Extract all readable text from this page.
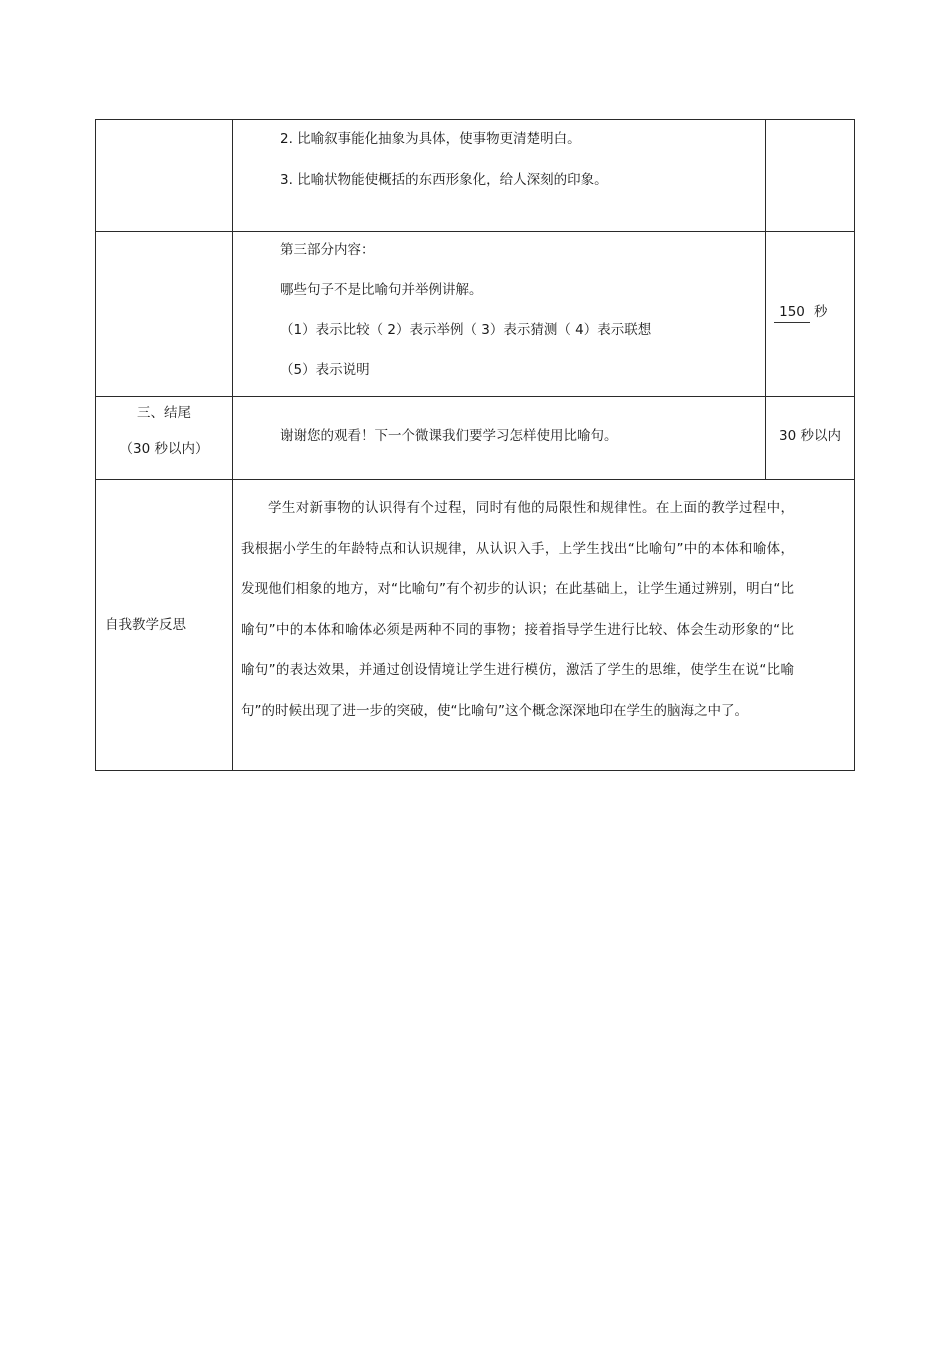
	2. 比喻叙事能化抽象为具体，使事物更清楚明白。
3. 比喻状物能使概括的东西形象化，给人深刻的印象。	

	第三部分内容：
哪些句子不是比喻句并举例讲解。
（1）表示比较（ 2）表示举例（ 3）表示猜测（ 4）表示联想
（5）表示说明	150 秒

三、结尾
（30 秒以内）	谢谢您的观看！下一个微课我们要学习怎样使用比喻句。	30 秒以内

自我教学反思	学生对新事物的认识得有个过程，同时有他的局限性和规律性。在上面的教学过程中，我根据小学生的年龄特点和认识规律，从认识入手，上学生找出“比喻句”中的本体和喻体，发现他们相象的地方，对“比喻句”有个初步的认识；在此基础上，让学生通过辨别，明白“比喻句”中的本体和喻体必须是两种不同的事物；接着指导学生进行比较、体会生动形象的“比喻句”的表达效果，并通过创设情境让学生进行模仿，激活了学生的思维，使学生在说“比喻句”的时候出现了进一步的突破，使“比喻句”这个概念深深地印在学生的脑海之中了。	
